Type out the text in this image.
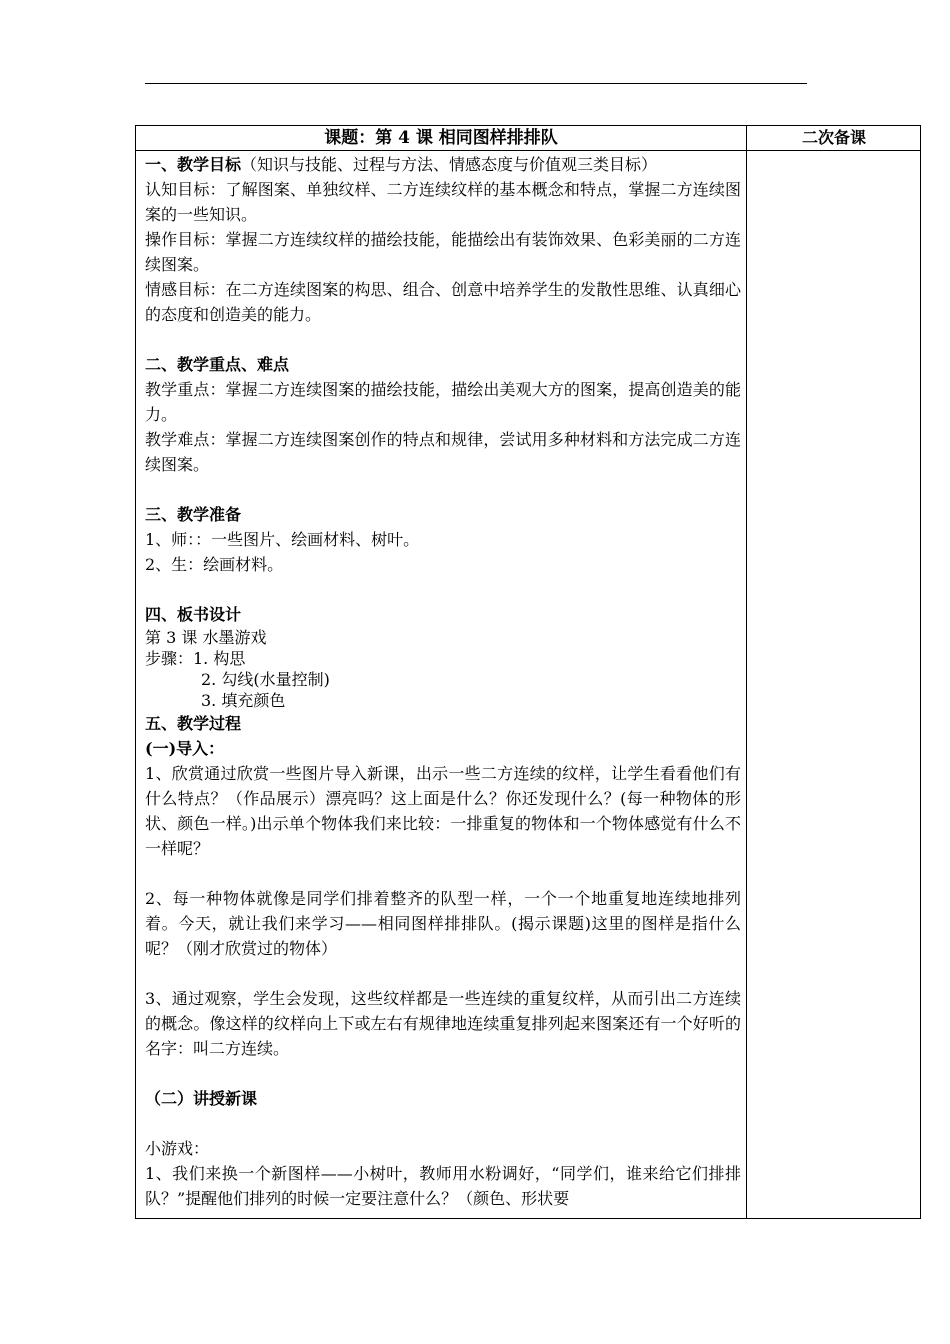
课题：第 4 课 相同图样排排队	二次备课

一、教学目标（知识与技能、过程与方法、情感态度与价值观三类目标）

认知目标：了解图案、单独纹样、二方连续纹样的基本概念和特点，掌握二方连续图案的一些知识。

操作目标：掌握二方连续纹样的描绘技能，能描绘出有装饰效果、色彩美丽的二方连续图案。

情感目标：在二方连续图案的构思、组合、创意中培养学生的发散性思维、认真细心的态度和创造美的能力。

二、教学重点、难点

教学重点：掌握二方连续图案的描绘技能，描绘出美观大方的图案，提高创造美的能力。

教学难点：掌握二方连续图案创作的特点和规律，尝试用多种材料和方法完成二方连续图案。

三、教学准备

1、师：：一些图片、绘画材料、树叶。

2、生：绘画材料。

四、板书设计

第 3 课 水墨游戏

步骤：1. 构思

2. 勾线(水量控制)

3. 填充颜色

五、教学过程

(一)导入：

1、欣赏通过欣赏一些图片导入新课，出示一些二方连续的纹样，让学生看看他们有什么特点？（作品展示）漂亮吗？这上面是什么？你还发现什么？(每一种物体的形状、颜色一样。)出示单个物体我们来比较：一排重复的物体和一个物体感觉有什么不一样呢？

2、每一种物体就像是同学们排着整齐的队型一样，一个一个地重复地连续地排列着。今天，就让我们来学习——相同图样排排队。(揭示课题)这里的图样是指什么呢？（刚才欣赏过的物体）

3、通过观察，学生会发现，这些纹样都是一些连续的重复纹样，从而引出二方连续的概念。像这样的纹样向上下或左右有规律地连续重复排列起来图案还有一个好听的名字：叫二方连续。

（二）讲授新课

小游戏：

1、我们来换一个新图样——小树叶，教师用水粉调好，“同学们，谁来给它们排排队？”提醒他们排列的时候一定要注意什么？（颜色、形状要
